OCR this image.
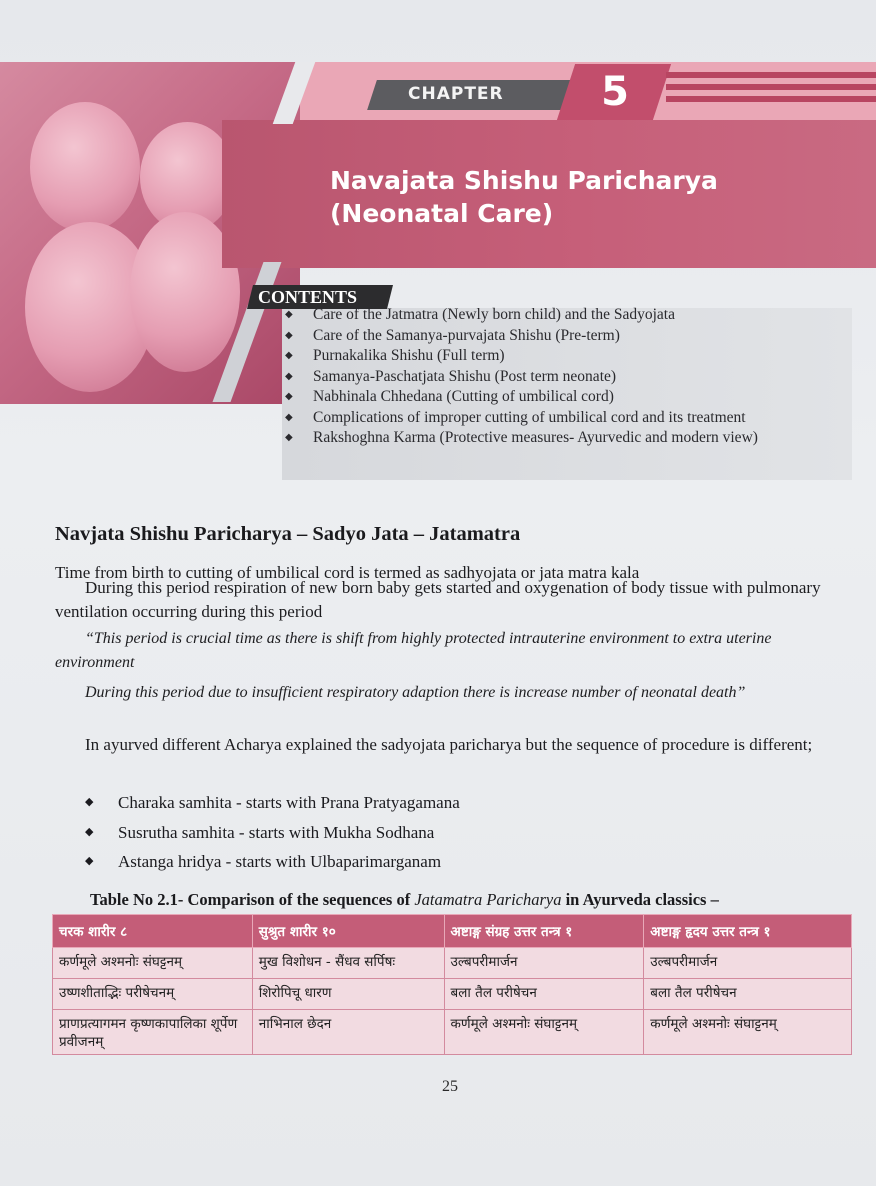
CHAPTER	5
Navajata Shishu Paricharya
(Neonatal Care)
CONTENTS
◆ Care of the Jatmatra (Newly born child) and the Sadyojata
◆ Care of the Samanya-purvajata Shishu (Pre-term)
◆ Purnakalika Shishu (Full term)
◆ Samanya-Paschatjata Shishu (Post term neonate)
◆ Nabhinala Chhedana (Cutting of umbilical cord)
◆ Complications of improper cutting of umbilical cord and its treatment
◆ Rakshoghna Karma (Protective measures- Ayurvedic and modern view)
Navjata Shishu Paricharya – Sadyo Jata – Jatamatra
Time from birth to cutting of umbilical cord is termed as sadhyojata or jata matra kala
During this period respiration of new born baby gets started and oxygenation of body tissue with pulmonary ventilation occurring during this period
“This period is crucial time as there is shift from highly protected intrauterine environment to extra uterine environment
During this period due to insufficient respiratory adaption there is increase number of neonatal death”
In ayurved different Acharya explained the sadyojata paricharya but the sequence of procedure is different;
◆ Charaka samhita - starts with Prana Pratyagamana
◆ Susrutha samhita - starts with Mukha Sodhana
◆ Astanga hridya - starts with Ulbaparimarganam
Table No 2.1- Comparison of the sequences of Jatamatra Paricharya in Ayurveda classics –
चरक शारीर ८	सुश्रुत शारीर १०	अष्टाङ्ग संग्रह उत्तर तन्त्र १	अष्टाङ्ग हृदय उत्तर तन्त्र १
कर्णमूले अश्मनोः संघट्टनम्	मुख विशोधन - सैंधव सर्पिषः	उल्बपरीमार्जन	उल्बपरीमार्जन
उष्णशीताद्भिः परीषेचनम्	शिरोपिचू धारण	बला तैल परीषेचन	बला तैल परीषेचन
प्राणप्रत्यागमन कृष्णकापालिका शूर्पेण प्रवीजनम्	नाभिनाल छेदन	कर्णमूले अश्मनोः संघाट्टनम्	कर्णमूले अश्मनोः संघाट्टनम्
25
